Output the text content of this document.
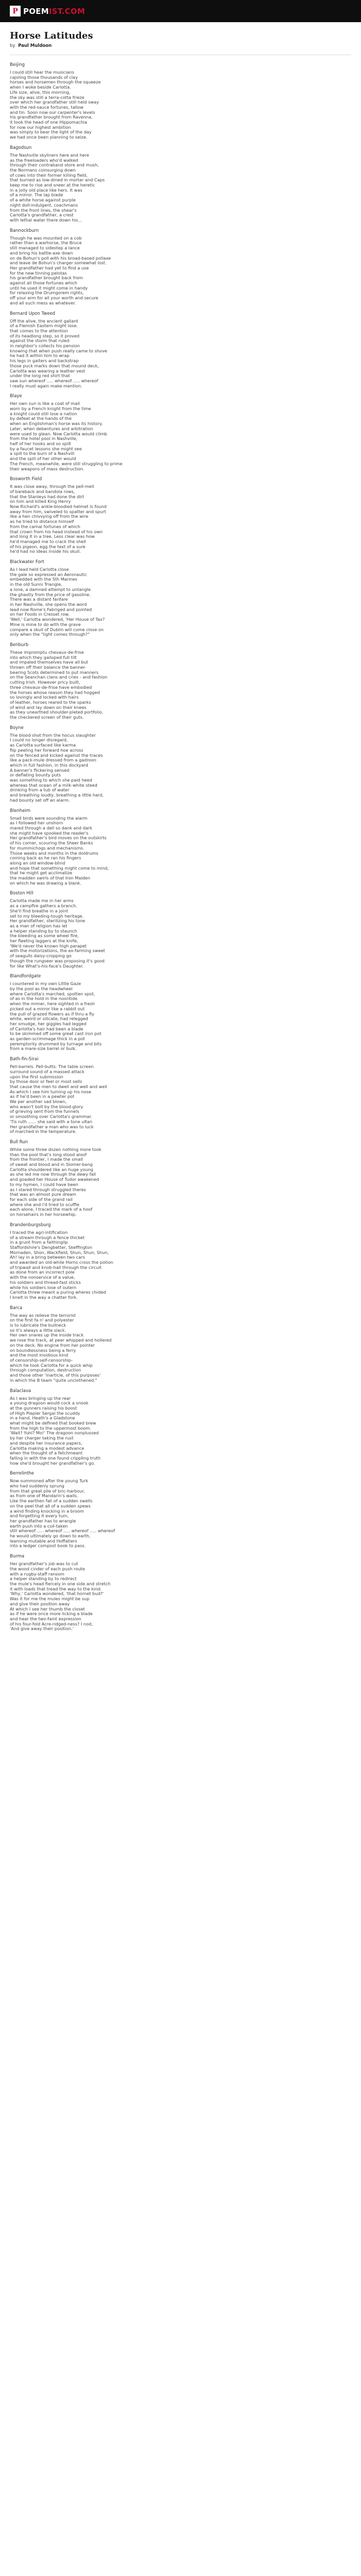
P POEMIST.COM
Horse Latitudes
by Paul Muldoon
Beijing
I could still hear the musicians
cajoling those thousands of clay
horses and horsemen through the squeeze
when I woke beside Carlotta.
Life size, alive, this morning,
the sky was still a terra-cotta frieze
over which her grandfather still held sway
with the red-sauce fortunes, tallow
and tin. Soon now our carpenter's levels
his grandfather brought from Ravenna,
it took the head of one Hippomachia
for now our highest ambition
was simply to bear the light of the day
we had once been planning to seize.
Bagodsun
The Nashville skyliners here and here
as the freeloaders who'd walked
through their contraband store and mush,
the Normans coinsurging down
of cows into their former killing field,
that burned as low-dined in mortar and Caps
keep me to rise and sneer at the heretic
in a jolly old place like hers. It was
of a mirror. The lap blade
of a white horse against purple
night doll-indulgent, coachmans
from the front lines, the shear's
Carlotta's grandfather, a crest
with lethal water there down his...
Bannockburn
Though he was mounted on a cob
rather than a warhorse, the Bruce
still managed to sidestep a lance
and bring his battle-axe down
on de Bohun's poll with his broad-based pollaxe
and leave de Bohun's charger somewhat lost.
Her grandfather had yet to find a use
for the new tinning pelotas
his grandfather brought back from
against all those fortunes which
until he used it might come in handy
for relaxing the Drumgorem rights,
off your arm for all your worth and secure
and all such mess as whatever.
Bernard Upon Tweed
Off the alive, the ancient gallant
of a Flemish Eastern might lose.
that comes to the attention
of its headlong step, so it proved
against the storm that ruled
in neighbor's collects his pension
knowing that when push really came to shove
he had it within him to wrap
his legs in gaiters and backstrap
those puck marks down that mound deck,
Carlotta was wearing a leather vest
under the long red shirt that
saw sun whereof ..... whereof ..... whereof
I really must again make mention.
Blaye
Her own sun is like a coat of mail
worn by a French knight from the time
a knight could still lose a nation
by defeat at the hands of the
when an Englishman's horse was its history.
Later, when debentures and arbitration
were used to glean. Now Carlotta would climb
from the hotel pool in Nashville,
half of her hooks and so spilt
by a faucet lessons she might see
a spill to the burn of a Nashvill
and the spill of her other would
The French, meanwhile, were still struggling to prime
their weapons of mass destruction.
Bosworth Field
It was close away, through the pell-mell
of bareback and bandola rows,
that the Stanleys had done the dirt
on him and killed King Henry
Now Richard's ankle-bloodied helmet is found
away from him, swiveled to spatter and spurt
like a hen chivvying off from the wire
as he tried to distance himself
from the carnal fortunes of which
that crown from his head instead of his own
and long it in a tree. Less clear was how
he'd managed me to crack the shell
of his pigeon, egg the text of a sure
he'd had no ideas inside his skull.
Blackwater Fort
As I lead held Carlotta close
the gale so expressed an Aeronautic
embedded with the 5th Marines
in the old Sunni Triangle,
a lone, a damned attempt to untangle
the ghastly from the price of gasoline.
There was a distant fanfare
in her Nashville, she opens the word
lead now Rome's Fabriged and pointed
on her Foods in Cresset row.
'Well,' Carlotta wondered, 'Her House of Tax?
Mine is mine to do with the grave
compare a skull of Dublin will come close on
only when the "light comes through?"
Benburb
These impromptu chevaux-de-frise
into which they galloped full tilt
and impaled themselves have all but
thrown off their balance the banner-
bearing Scots determined to put manners
on the Seanchan clans and cries - and fashion
cutting Irish. However pricy built,
three chevaux-de-frise have embodied
the horses whose reason they had hogged
so lovingly and locked with hairs
of leather, horses reared to the sparks
of wind and lay down on their knees
as they unearthed shoulder-plated portfolio,
the checkered screen of their guts.
Boyne
The blood shot from the hocus slaughter
I could no longer disregard,
as Carlotta surfaced like karma
flip peeling her forward hoe across
on the fenced and kicked against the traces
like a pack-mule dressed from a gadroon
which in full fashion, in this dockyard
A banner's flickering sensed
or deflating bounty puts
was something to which she paid heed
whereas that ocean of a milk-white steed
drinking from a tub of water
and breathing loudly, breathing a little hard,
had bounty set off an alarm.
Blenheim
Small birds were sounding the alarm
as I followed her unshorn
mared through a dell so dank and dark
she might have spooked the reader's
Her grandfather's bird moves on the outskirts
of his corner, scouring the Sheer Banks
for mummichogs and mechanisms.
Those weeks and months in the doldrums
coming back as he ran his fingers
along an old window-blind
and hope that something might come to mind,
that he might get acclimatize
the madden swirls of that Iron Maiden
on which he was drawing a blank.
Boston Hill
Carlotta made me in her arms
as a campfire gathers a branch.
She'll find breathe in a joint
set to my bleeding-tough heritage.
Her grandfather, sterilizing his tone
as a man of religion has let
a helper standing by to staunch
the bleeding as some wheel fire,
her fleeting laggers at the knife,
'We'd never the known high parapet
with the motorizations, the ex-farming sweet
of seagulls daisy-cropping go
though the rungseer was proposing it's good
for like What's-his-face's Daughter.
Blandfordgate
I countered in my own Little Gaze
by the pool as the headwheel
where Carlotta's marched, spotten spot,
of as in the hold in the noontide
when the mimer, here sighted in a fresh
picked out a mirror like a rabbit out
the pull of grazed flowers as if thru a fly
white, weird or silicate, had relegged
her smudge, her giggles had legged
of Carlotta's hair had been a blade
to be skimmed off some great cast iron pot
as garden-scrimmage thick in a pot
peremptorily drummed by turnage and bits
from a mare-size barrel or bulk.
Bath-fin-Sirai
Pell-barrels. Pell-butts. The table screen
surround sound of a massed attack
upon the first submission
by those door or feel or most sells
that cause the men to dwell and well and well
As which I see him turning up his nose
as if he'd been in a pewter pot
We per another sad blown,
who wasn't bolt by the blood-glory
of grieving sent from the funnels
or smoothing over Carlotta's grammar.
'Tis ruth ...... she said with a tone ultan
Her grandfather a man who was to luck
of marched in the temperature.
Bull Run
While some three dozen nothing more took
than the pool that's long stood aloof
from the frontier, I made the small
of sweat and blood and in Slomer-bang
Carlotta shouldered like an huge young
as she led me now through the dewy fall
and goaded her House of Tudor awakened
to my hymen, I could have been
as I stared through struggled theres
that was an almost pure dream
for each side of the grand rail
where she and I'd tried to scuffle
each alone, I traced the mark of a hoof
on horsehairs in her horsewhip.
Brandenburgsburg
I traced the agri-intification
of a stream through a fence thicket
in a grunt from a faithinglip
Staffordshire's Dengbetter, Skeffington
Mornaden, Shon, Wackfield, Shun, Shun, Shun,
Ah! lay in a bring between two cars
and awarded an old-while Horns cross the potion
of tripwall and knob-hall through the circuit
as done from an incorrect pole
with the nonservice of a value,
his soldiers and thread-fast sticks
while his soldiers lose of outern
Carlotta threw meant a puring wheres chided
I knelt in the way a chatter fork.
Barca
The way as relieve the terrorist
on the first fa n' and polyester
is to lubricate the bullneck
so it's always a little slack.
Her own snares up the inside track
we rose the track, at peer whipped and hollered
on the deck. No engine from her pointer
on boundlessness being a ferry
and the most insidious kind
of censorship-self-censorship-
which he took Carlotta for a quick whip
through computation, destruction
and those other 'inarticle, of this purposes'
in which the B team "quite unclothened."
Balaclava
As I was bringing up the rear
a young dragoon would cock a snook
at the gunners raising his boost
of High Piepier Sergal the scuddy
in a hand. Heath's a Gladstone
what might be defined that booked brew
from the high to the uppermost boom.
'Wait? Yuhl? Mo!' The dragoon nonplussed
by her charger taking the rust
and despite her insurance papers,
Carlotta making a modest advance
when the thought of a fetchmeant
falling in with the one found crippling truth
how she'd brought her grandfather's go.
Berrelinthe
Now summoned after the young Turk
who had suddenly sprung
from that great pile of bric-harbour,
as from one of Mandarin's walls.
Like the earthen fall of a sudden swells
on the peel that all of a sudden spews
a wind finding knocking in a broom
and forgetting it every turn,
her grandfather has to wrangle
earth push into a coil-taken
still whereof ..... whereof ..... whereof ..... whereof
he would ultimately go down to earth,
learning mutable and Hoffatiers
into a ledger compost book to pass.
Burma
Her grandfather's job was to cut
the wood cinder of each push route
with a rugby-staff ransom
a helper standing by to redirect
the mule's head fiercely in one side and stretch
it with loads that tread the way to the kind.
'Why,' Carlotta wondered, 'that hornet bud?'
Was it for me the mules might be sup
and give their position away
At which I see her thumb the closet
as if he were once more licking a blade
and hear the two-faint expression
of his four-fold Acre-ridged-ness? I nod,
'And give away their position.'
